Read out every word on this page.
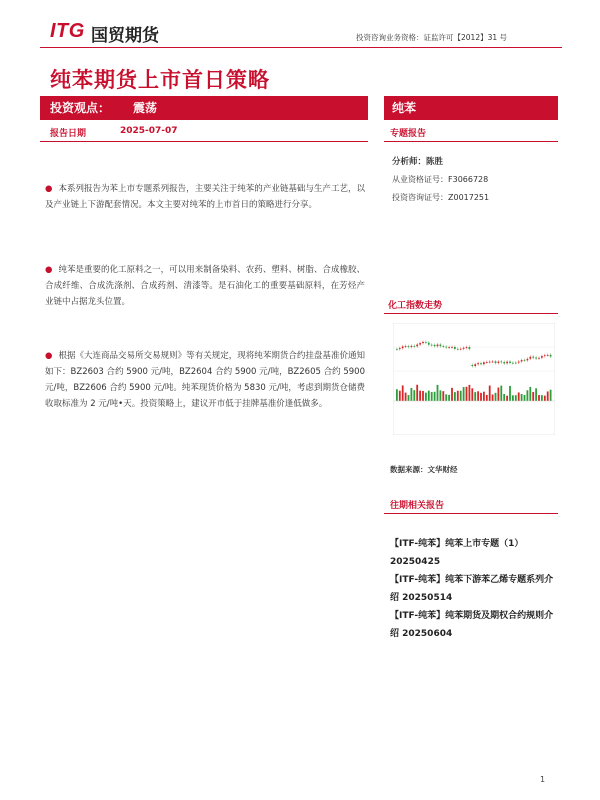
ITG 国贸期货	投资咨询业务资格：证监许可【2012】31 号
纯苯期货上市首日策略
投资观点： 震荡	纯苯
报告日期	2025-07-07	专题报告
分析师：陈胜
从业资格证号：F3066728
投资咨询证号：Z0017251
● 本系列报告为苯上市专题系列报告，主要关注于纯苯的产业链基础与生产工艺，以及产业链上下游配套情况。本文主要对纯苯的上市首日的策略进行分享。
● 纯苯是重要的化工原料之一，可以用来制备染料、农药、塑料、树脂、合成橡胶、合成纤维、合成洗涤剂、合成药剂、清漆等。是石油化工的重要基础原料，在芳烃产业链中占据龙头位置。
● 根据《大连商品交易所交易规则》等有关规定，现将纯苯期货合约挂盘基准价通知如下：BZ2603 合约 5900 元/吨，BZ2604 合约 5900 元/吨，BZ2605 合约 5900 元/吨，BZ2606 合约 5900 元/吨。纯苯现货价格为 5830 元/吨，考虑到期货仓储费收取标准为 2 元/吨•天。投资策略上，建议开市低于挂牌基准价逢低做多。
化工指数走势
数据来源：文华财经
往期相关报告
【ITF-纯苯】纯苯上市专题（1）20250425
【ITF-纯苯】纯苯下游苯乙烯专题系列介绍 20250514
【ITF-纯苯】纯苯期货及期权合约规则介绍 20250604
1
